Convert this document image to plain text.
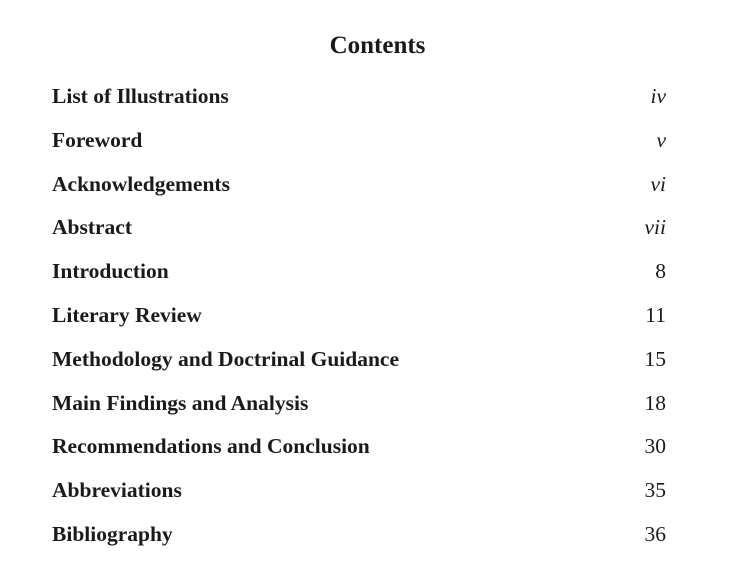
Contents
List of Illustrations	iv
Foreword	v
Acknowledgements	vi
Abstract	vii
Introduction	8
Literary Review	11
Methodology and Doctrinal Guidance	15
Main Findings and Analysis	18
Recommendations and Conclusion	30
Abbreviations	35
Bibliography	36
